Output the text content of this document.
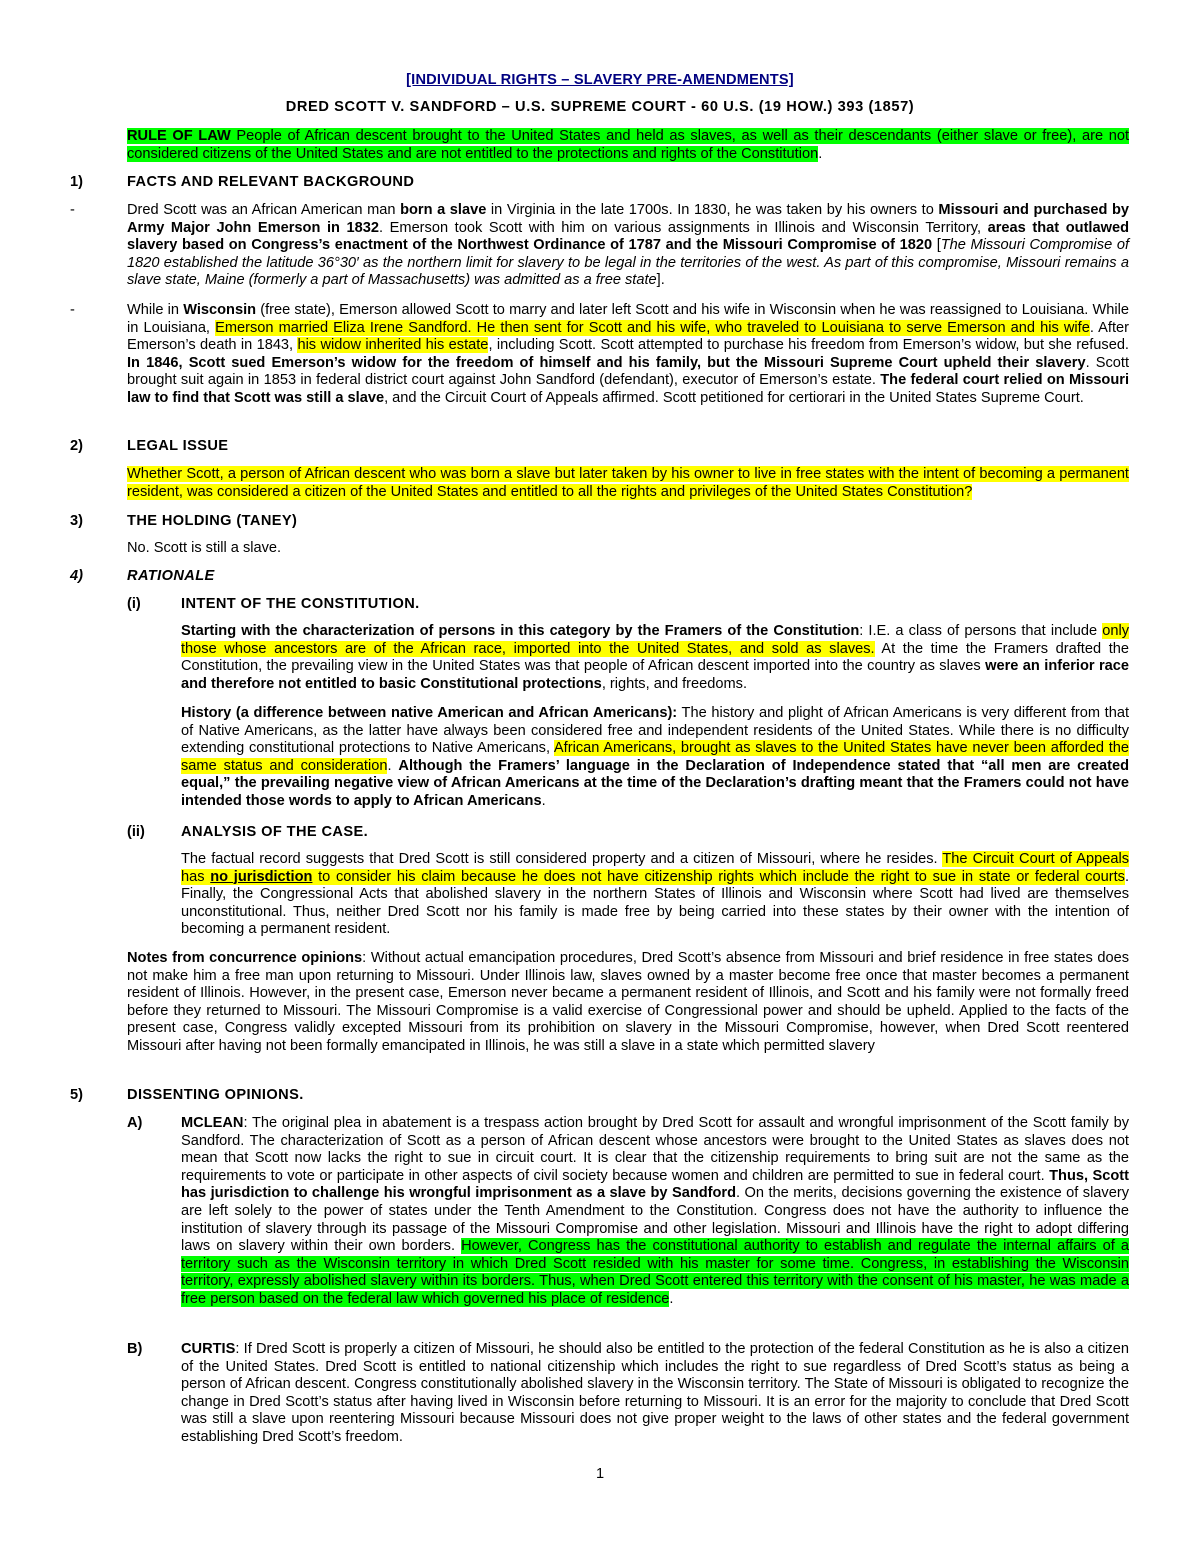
[INDIVIDUAL RIGHTS – SLAVERY PRE-AMENDMENTS]

DRED SCOTT V. SANDFORD – U.S. SUPREME COURT - 60 U.S. (19 HOW.) 393 (1857)

RULE OF LAW People of African descent brought to the United States and held as slaves, as well as their descendants (either slave or free), are not considered citizens of the United States and are not entitled to the protections and rights of the Constitution.

1)	FACTS AND RELEVANT BACKGROUND

-	Dred Scott was an African American man born a slave in Virginia in the late 1700s. In 1830, he was taken by his owners to Missouri and purchased by Army Major John Emerson in 1832. Emerson took Scott with him on various assignments in Illinois and Wisconsin Territory, areas that outlawed slavery based on Congress’s enactment of the Northwest Ordinance of 1787 and the Missouri Compromise of 1820 [The Missouri Compromise of 1820 established the latitude 36°30′ as the northern limit for slavery to be legal in the territories of the west. As part of this compromise, Missouri remains a slave state, Maine (formerly a part of Massachusetts) was admitted as a free state].

-	While in Wisconsin (free state), Emerson allowed Scott to marry and later left Scott and his wife in Wisconsin when he was reassigned to Louisiana. While in Louisiana, Emerson married Eliza Irene Sandford. He then sent for Scott and his wife, who traveled to Louisiana to serve Emerson and his wife. After Emerson’s death in 1843, his widow inherited his estate, including Scott. Scott attempted to purchase his freedom from Emerson’s widow, but she refused. In 1846, Scott sued Emerson’s widow for the freedom of himself and his family, but the Missouri Supreme Court upheld their slavery. Scott brought suit again in 1853 in federal district court against John Sandford (defendant), executor of Emerson’s estate. The federal court relied on Missouri law to find that Scott was still a slave, and the Circuit Court of Appeals affirmed. Scott petitioned for certiorari in the United States Supreme Court.

2)	LEGAL ISSUE

Whether Scott, a person of African descent who was born a slave but later taken by his owner to live in free states with the intent of becoming a permanent resident, was considered a citizen of the United States and entitled to all the rights and privileges of the United States Constitution?

3)	THE HOLDING (TANEY)

No. Scott is still a slave.

4)	RATIONALE

(i)	INTENT OF THE CONSTITUTION.

Starting with the characterization of persons in this category by the Framers of the Constitution: I.E. a class of persons that include only those whose ancestors are of the African race, imported into the United States, and sold as slaves. At the time the Framers drafted the Constitution, the prevailing view in the United States was that people of African descent imported into the country as slaves were an inferior race and therefore not entitled to basic Constitutional protections, rights, and freedoms.

History (a difference between native American and African Americans): The history and plight of African Americans is very different from that of Native Americans, as the latter have always been considered free and independent residents of the United States. While there is no difficulty extending constitutional protections to Native Americans, African Americans, brought as slaves to the United States have never been afforded the same status and consideration. Although the Framers’ language in the Declaration of Independence stated that “all men are created equal,” the prevailing negative view of African Americans at the time of the Declaration’s drafting meant that the Framers could not have intended those words to apply to African Americans.

(ii) ANALYSIS OF THE CASE.

The factual record suggests that Dred Scott is still considered property and a citizen of Missouri, where he resides. The Circuit Court of Appeals has no jurisdiction to consider his claim because he does not have citizenship rights which include the right to sue in state or federal courts. Finally, the Congressional Acts that abolished slavery in the northern States of Illinois and Wisconsin where Scott had lived are themselves unconstitutional. Thus, neither Dred Scott nor his family is made free by being carried into these states by their owner with the intention of becoming a permanent resident.

Notes from concurrence opinions: Without actual emancipation procedures, Dred Scott’s absence from Missouri and brief residence in free states does not make him a free man upon returning to Missouri. Under Illinois law, slaves owned by a master become free once that master becomes a permanent resident of Illinois. However, in the present case, Emerson never became a permanent resident of Illinois, and Scott and his family were not formally freed before they returned to Missouri. The Missouri Compromise is a valid exercise of Congressional power and should be upheld. Applied to the facts of the present case, Congress validly excepted Missouri from its prohibition on slavery in the Missouri Compromise, however, when Dred Scott reentered Missouri after having not been formally emancipated in Illinois, he was still a slave in a state which permitted slavery

5)	DISSENTING OPINIONS.

A)	MCLEAN: The original plea in abatement is a trespass action brought by Dred Scott for assault and wrongful imprisonment of the Scott family by Sandford. The characterization of Scott as a person of African descent whose ancestors were brought to the United States as slaves does not mean that Scott now lacks the right to sue in circuit court. It is clear that the citizenship requirements to bring suit are not the same as the requirements to vote or participate in other aspects of civil society because women and children are permitted to sue in federal court. Thus, Scott has jurisdiction to challenge his wrongful imprisonment as a slave by Sandford. On the merits, decisions governing the existence of slavery are left solely to the power of states under the Tenth Amendment to the Constitution. Congress does not have the authority to influence the institution of slavery through its passage of the Missouri Compromise and other legislation. Missouri and Illinois have the right to adopt differing laws on slavery within their own borders. However, Congress has the constitutional authority to establish and regulate the internal affairs of a territory such as the Wisconsin territory in which Dred Scott resided with his master for some time. Congress, in establishing the Wisconsin territory, expressly abolished slavery within its borders. Thus, when Dred Scott entered this territory with the consent of his master, he was made a free person based on the federal law which governed his place of residence.

B)	CURTIS: If Dred Scott is properly a citizen of Missouri, he should also be entitled to the protection of the federal Constitution as he is also a citizen of the United States. Dred Scott is entitled to national citizenship which includes the right to sue regardless of Dred Scott’s status as being a person of African descent. Congress constitutionally abolished slavery in the Wisconsin territory. The State of Missouri is obligated to recognize the change in Dred Scott’s status after having lived in Wisconsin before returning to Missouri. It is an error for the majority to conclude that Dred Scott was still a slave upon reentering Missouri because Missouri does not give proper weight to the laws of other states and the federal government establishing Dred Scott’s freedom.

1
